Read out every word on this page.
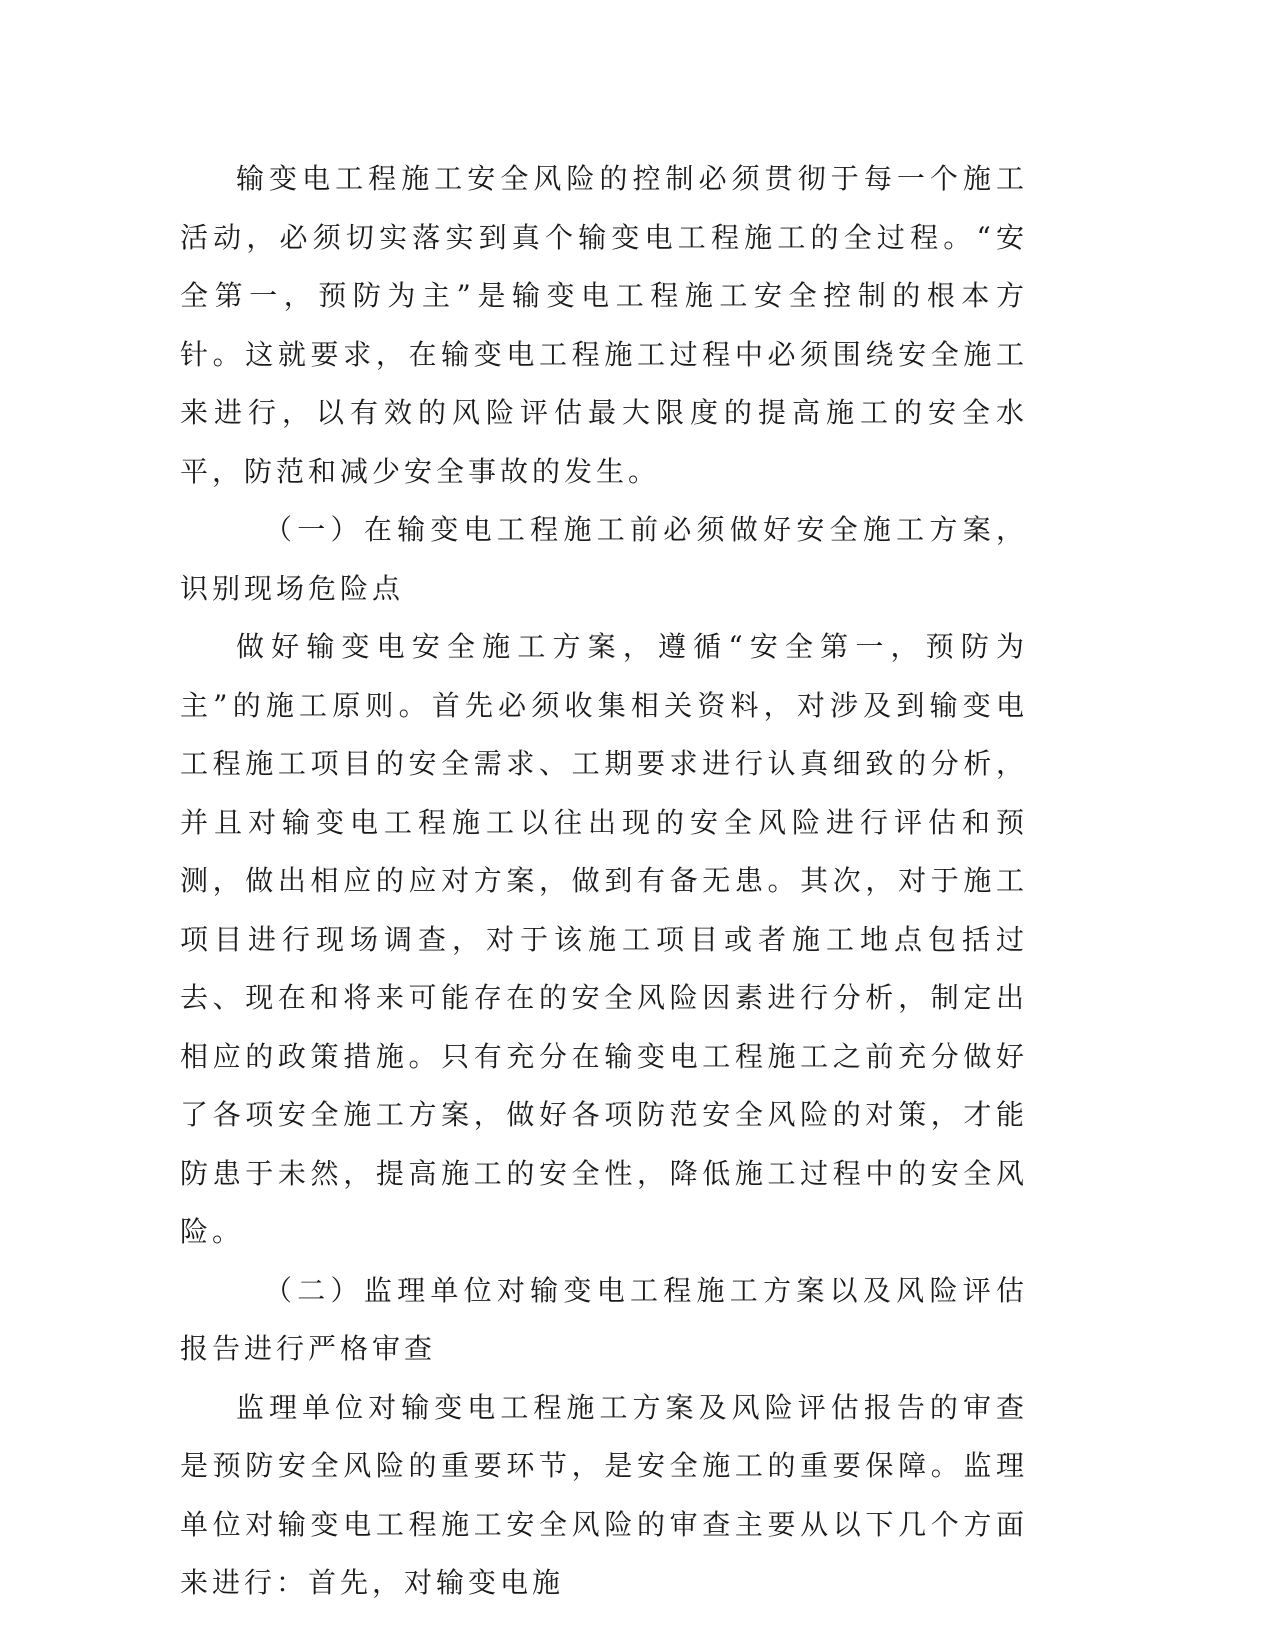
输变电工程施工安全风险的控制必须贯彻于每一个施工活动，必须切实落实到真个输变电工程施工的全过程。“安全第一，预防为主”是输变电工程施工安全控制的根本方针。这就要求，在输变电工程施工过程中必须围绕安全施工来进行，以有效的风险评估最大限度的提高施工的安全水平，防范和减少安全事故的发生。

（一）在输变电工程施工前必须做好安全施工方案，识别现场危险点

做好输变电安全施工方案，遵循“安全第一，预防为主”的施工原则。首先必须收集相关资料，对涉及到输变电工程施工项目的安全需求、工期要求进行认真细致的分析，并且对输变电工程施工以往出现的安全风险进行评估和预测，做出相应的应对方案，做到有备无患。其次，对于施工项目进行现场调查，对于该施工项目或者施工地点包括过去、现在和将来可能存在的安全风险因素进行分析，制定出相应的政策措施。只有充分在输变电工程施工之前充分做好了各项安全施工方案，做好各项防范安全风险的对策，才能防患于未然，提高施工的安全性，降低施工过程中的安全风险。

（二）监理单位对输变电工程施工方案以及风险评估报告进行严格审查

监理单位对输变电工程施工方案及风险评估报告的审查是预防安全风险的重要环节，是安全施工的重要保障。监理单位对输变电工程施工安全风险的审查主要从以下几个方面来进行：首先，对输变电施
